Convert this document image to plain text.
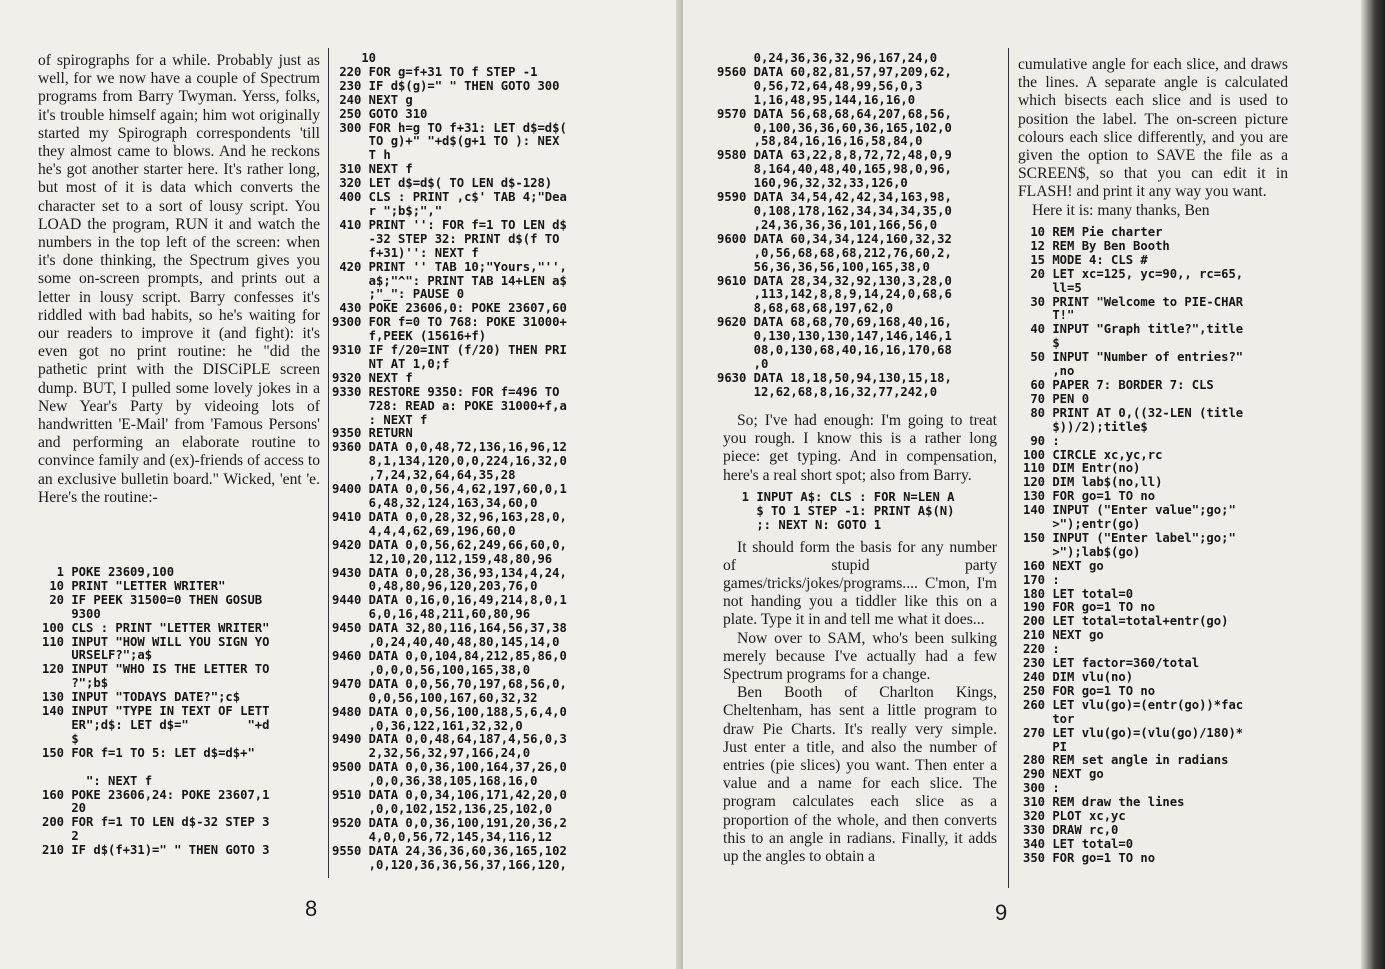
of spirographs for a while. Probably just as well, for we now have a couple of Spectrum programs from Barry Twyman. Yerss, folks, it's trouble himself again; him wot originally started my Spirograph correspondents 'till they almost came to blows. And he reckons he's got another starter here. It's rather long, but most of it is data which converts the character set to a sort of lousy script. You LOAD the program, RUN it and watch the numbers in the top left of the screen: when it's done thinking, the Spectrum gives you some on-screen prompts, and prints out a letter in lousy script. Barry confesses it's riddled with bad habits, so he's waiting for our readers to improve it (and fight): it's even got no print routine: he "did the pathetic print with the DISCiPLE screen dump. BUT, I pulled some lovely jokes in a New Year's Party by videoing lots of handwritten 'E-Mail' from 'Famous Persons' and performing an elaborate routine to convince family and (ex)-friends of access to an exclusive bulletin board." Wicked, 'ent 'e. Here's the routine:-

1 POKE 23609,100
10 PRINT "LETTER WRITER"
20 IF PEEK 31500=0 THEN GOSUB
9300
100 CLS : PRINT "LETTER WRITER"
110 INPUT "HOW WILL YOU SIGN YO
URSELF?";a$
120 INPUT "WHO IS THE LETTER TO
?";b$
130 INPUT "TODAYS DATE?";c$
140 INPUT "TYPE IN TEXT OF LETT
ER";d$: LET d$="        "+d
$
150 FOR f=1 TO 5: LET d$=d$+"

": NEXT f
160 POKE 23606,24: POKE 23607,1
20
200 FOR f=1 TO LEN d$-32 STEP 3
2
210 IF d$(f+31)=" " THEN GOTO 3
10
220 FOR g=f+31 TO f STEP -1
230 IF d$(g)=" " THEN GOTO 300
240 NEXT g
250 GOTO 310
300 FOR h=g TO f+31: LET d$=d$(
TO g)+" "+d$(g+1 TO ): NEX
T h
310 NEXT f
320 LET d$=d$( TO LEN d$-128)
400 CLS : PRINT ,c$' TAB 4;"Dea
r ";b$;","
410 PRINT '': FOR f=1 TO LEN d$
-32 STEP 32: PRINT d$(f TO
f+31)'': NEXT f
420 PRINT '' TAB 10;"Yours,"'',
a$;"^": PRINT TAB 14+LEN a$
;"_": PAUSE 0
430 POKE 23606,0: POKE 23607,60
9300 FOR f=0 TO 768: POKE 31000+
f,PEEK (15616+f)
9310 IF f/20=INT (f/20) THEN PRI
NT AT 1,0;f
9320 NEXT f
9330 RESTORE 9350: FOR f=496 TO
728: READ a: POKE 31000+f,a
: NEXT f
9350 RETURN
9360 DATA 0,0,48,72,136,16,96,12
8,1,134,120,0,0,224,16,32,0
,7,24,32,64,64,35,28
9400 DATA 0,0,56,4,62,197,60,0,1
6,48,32,124,163,34,60,0
9410 DATA 0,0,28,32,96,163,28,0,
4,4,4,62,69,196,60,0
9420 DATA 0,0,56,62,249,66,60,0,
12,10,20,112,159,48,80,96
9430 DATA 0,0,28,36,93,134,4,24,
0,48,80,96,120,203,76,0
9440 DATA 0,16,0,16,49,214,8,0,1
6,0,16,48,211,60,80,96
9450 DATA 32,80,116,164,56,37,38
,0,24,40,40,48,80,145,14,0
9460 DATA 0,0,104,84,212,85,86,0
,0,0,0,56,100,165,38,0
9470 DATA 0,0,56,70,197,68,56,0,
0,0,56,100,167,60,32,32
9480 DATA 0,0,56,100,188,5,6,4,0
,0,36,122,161,32,32,0
9490 DATA 0,0,48,64,187,4,56,0,3
2,32,56,32,97,166,24,0
9500 DATA 0,0,36,100,164,37,26,0
,0,0,36,38,105,168,16,0
9510 DATA 0,0,34,106,171,42,20,0
,0,0,102,152,136,25,102,0
9520 DATA 0,0,36,100,191,20,36,2
4,0,0,56,72,145,34,116,12
9550 DATA 24,36,36,60,36,165,102
,0,120,36,36,56,37,166,120,
8
0,24,36,36,32,96,167,24,0
9560 DATA 60,82,81,57,97,209,62,
0,56,72,64,48,99,56,0,3
1,16,48,95,144,16,16,0
9570 DATA 56,68,68,64,207,68,56,
0,100,36,36,60,36,165,102,0
,58,84,16,16,16,58,84,0
9580 DATA 63,22,8,8,72,72,48,0,9
8,164,40,48,40,165,98,0,96,
160,96,32,32,33,126,0
9590 DATA 34,54,42,42,34,163,98,
0,108,178,162,34,34,34,35,0
,24,36,36,36,101,166,56,0
9600 DATA 60,34,34,124,160,32,32
,0,56,68,68,68,212,76,60,2,
56,36,36,56,100,165,38,0
9610 DATA 28,34,32,92,130,3,28,0
,113,142,8,8,9,14,24,0,68,6
8,68,68,68,197,62,0
9620 DATA 68,68,70,69,168,40,16,
0,130,130,130,147,146,146,1
08,0,130,68,40,16,16,170,68
,0
9630 DATA 18,18,50,94,130,15,18,
12,62,68,8,16,32,77,242,0

So; I've had enough: I'm going to treat you rough. I know this is a rather long piece: get typing. And in compensation, here's a real short spot; also from Barry.

1 INPUT A$: CLS : FOR N=LEN A
$ TO 1 STEP -1: PRINT A$(N)
;: NEXT N: GOTO 1

It should form the basis for any number of stupid party games/tricks/jokes/programs.... C'mon, I'm not handing you a tiddler like this on a plate. Type it in and tell me what it does...

Now over to SAM, who's been sulking merely because I've actually had a few Spectrum programs for a change.

Ben Booth of Charlton Kings, Cheltenham, has sent a little program to draw Pie Charts. It's really very simple. Just enter a title, and also the number of entries (pie slices) you want. Then enter a value and a name for each slice. The program calculates each slice as a proportion of the whole, and then converts this to an angle in radians. Finally, it adds up the angles to obtain a

cumulative angle for each slice, and draws the lines. A separate angle is calculated which bisects each slice and is used to position the label. The on-screen picture colours each slice differently, and you are given the option to SAVE the file as a SCREEN$, so that you can edit it in FLASH! and print it any way you want.

Here it is: many thanks, Ben

10 REM Pie charter
12 REM By Ben Booth
15 MODE 4: CLS #
20 LET xc=125, yc=90,, rc=65,
ll=5
30 PRINT "Welcome to PIE-CHAR
T!"
40 INPUT "Graph title?",title
$
50 INPUT "Number of entries?"
,no
60 PAPER 7: BORDER 7: CLS
70 PEN 0
80 PRINT AT 0,((32-LEN (title
$))/2);title$
90 :
100 CIRCLE xc,yc,rc
110 DIM Entr(no)
120 DIM lab$(no,ll)
130 FOR go=1 TO no
140 INPUT ("Enter value";go;"
>");entr(go)
150 INPUT ("Enter label";go;"
>");lab$(go)
160 NEXT go
170 :
180 LET total=0
190 FOR go=1 TO no
200 LET total=total+entr(go)
210 NEXT go
220 :
230 LET factor=360/total
240 DIM vlu(no)
250 FOR go=1 TO no
260 LET vlu(go)=(entr(go))*fac
tor
270 LET vlu(go)=(vlu(go)/180)*
PI
280 REM set angle in radians
290 NEXT go
300 :
310 REM draw the lines
320 PLOT xc,yc
330 DRAW rc,0
340 LET total=0
350 FOR go=1 TO no
9
